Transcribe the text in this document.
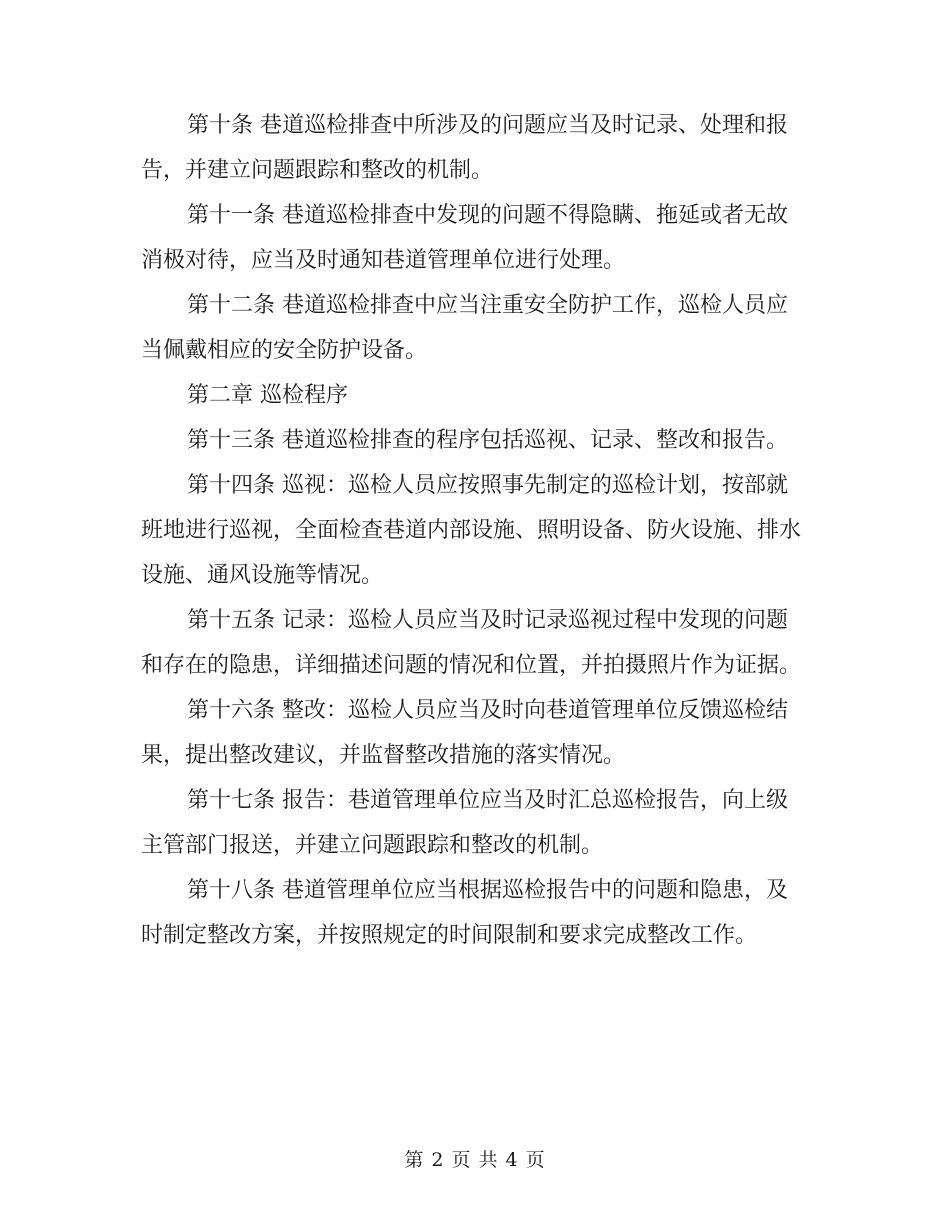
第十条 巷道巡检排查中所涉及的问题应当及时记录、处理和报告，并建立问题跟踪和整改的机制。

第十一条 巷道巡检排查中发现的问题不得隐瞒、拖延或者无故消极对待，应当及时通知巷道管理单位进行处理。

第十二条 巷道巡检排查中应当注重安全防护工作，巡检人员应当佩戴相应的安全防护设备。

第二章 巡检程序

第十三条 巷道巡检排查的程序包括巡视、记录、整改和报告。

第十四条 巡视：巡检人员应按照事先制定的巡检计划，按部就班地进行巡视，全面检查巷道内部设施、照明设备、防火设施、排水设施、通风设施等情况。

第十五条 记录：巡检人员应当及时记录巡视过程中发现的问题和存在的隐患，详细描述问题的情况和位置，并拍摄照片作为证据。

第十六条 整改：巡检人员应当及时向巷道管理单位反馈巡检结果，提出整改建议，并监督整改措施的落实情况。

第十七条 报告：巷道管理单位应当及时汇总巡检报告，向上级主管部门报送，并建立问题跟踪和整改的机制。

第十八条 巷道管理单位应当根据巡检报告中的问题和隐患，及时制定整改方案，并按照规定的时间限制和要求完成整改工作。

第 2 页 共 4 页
